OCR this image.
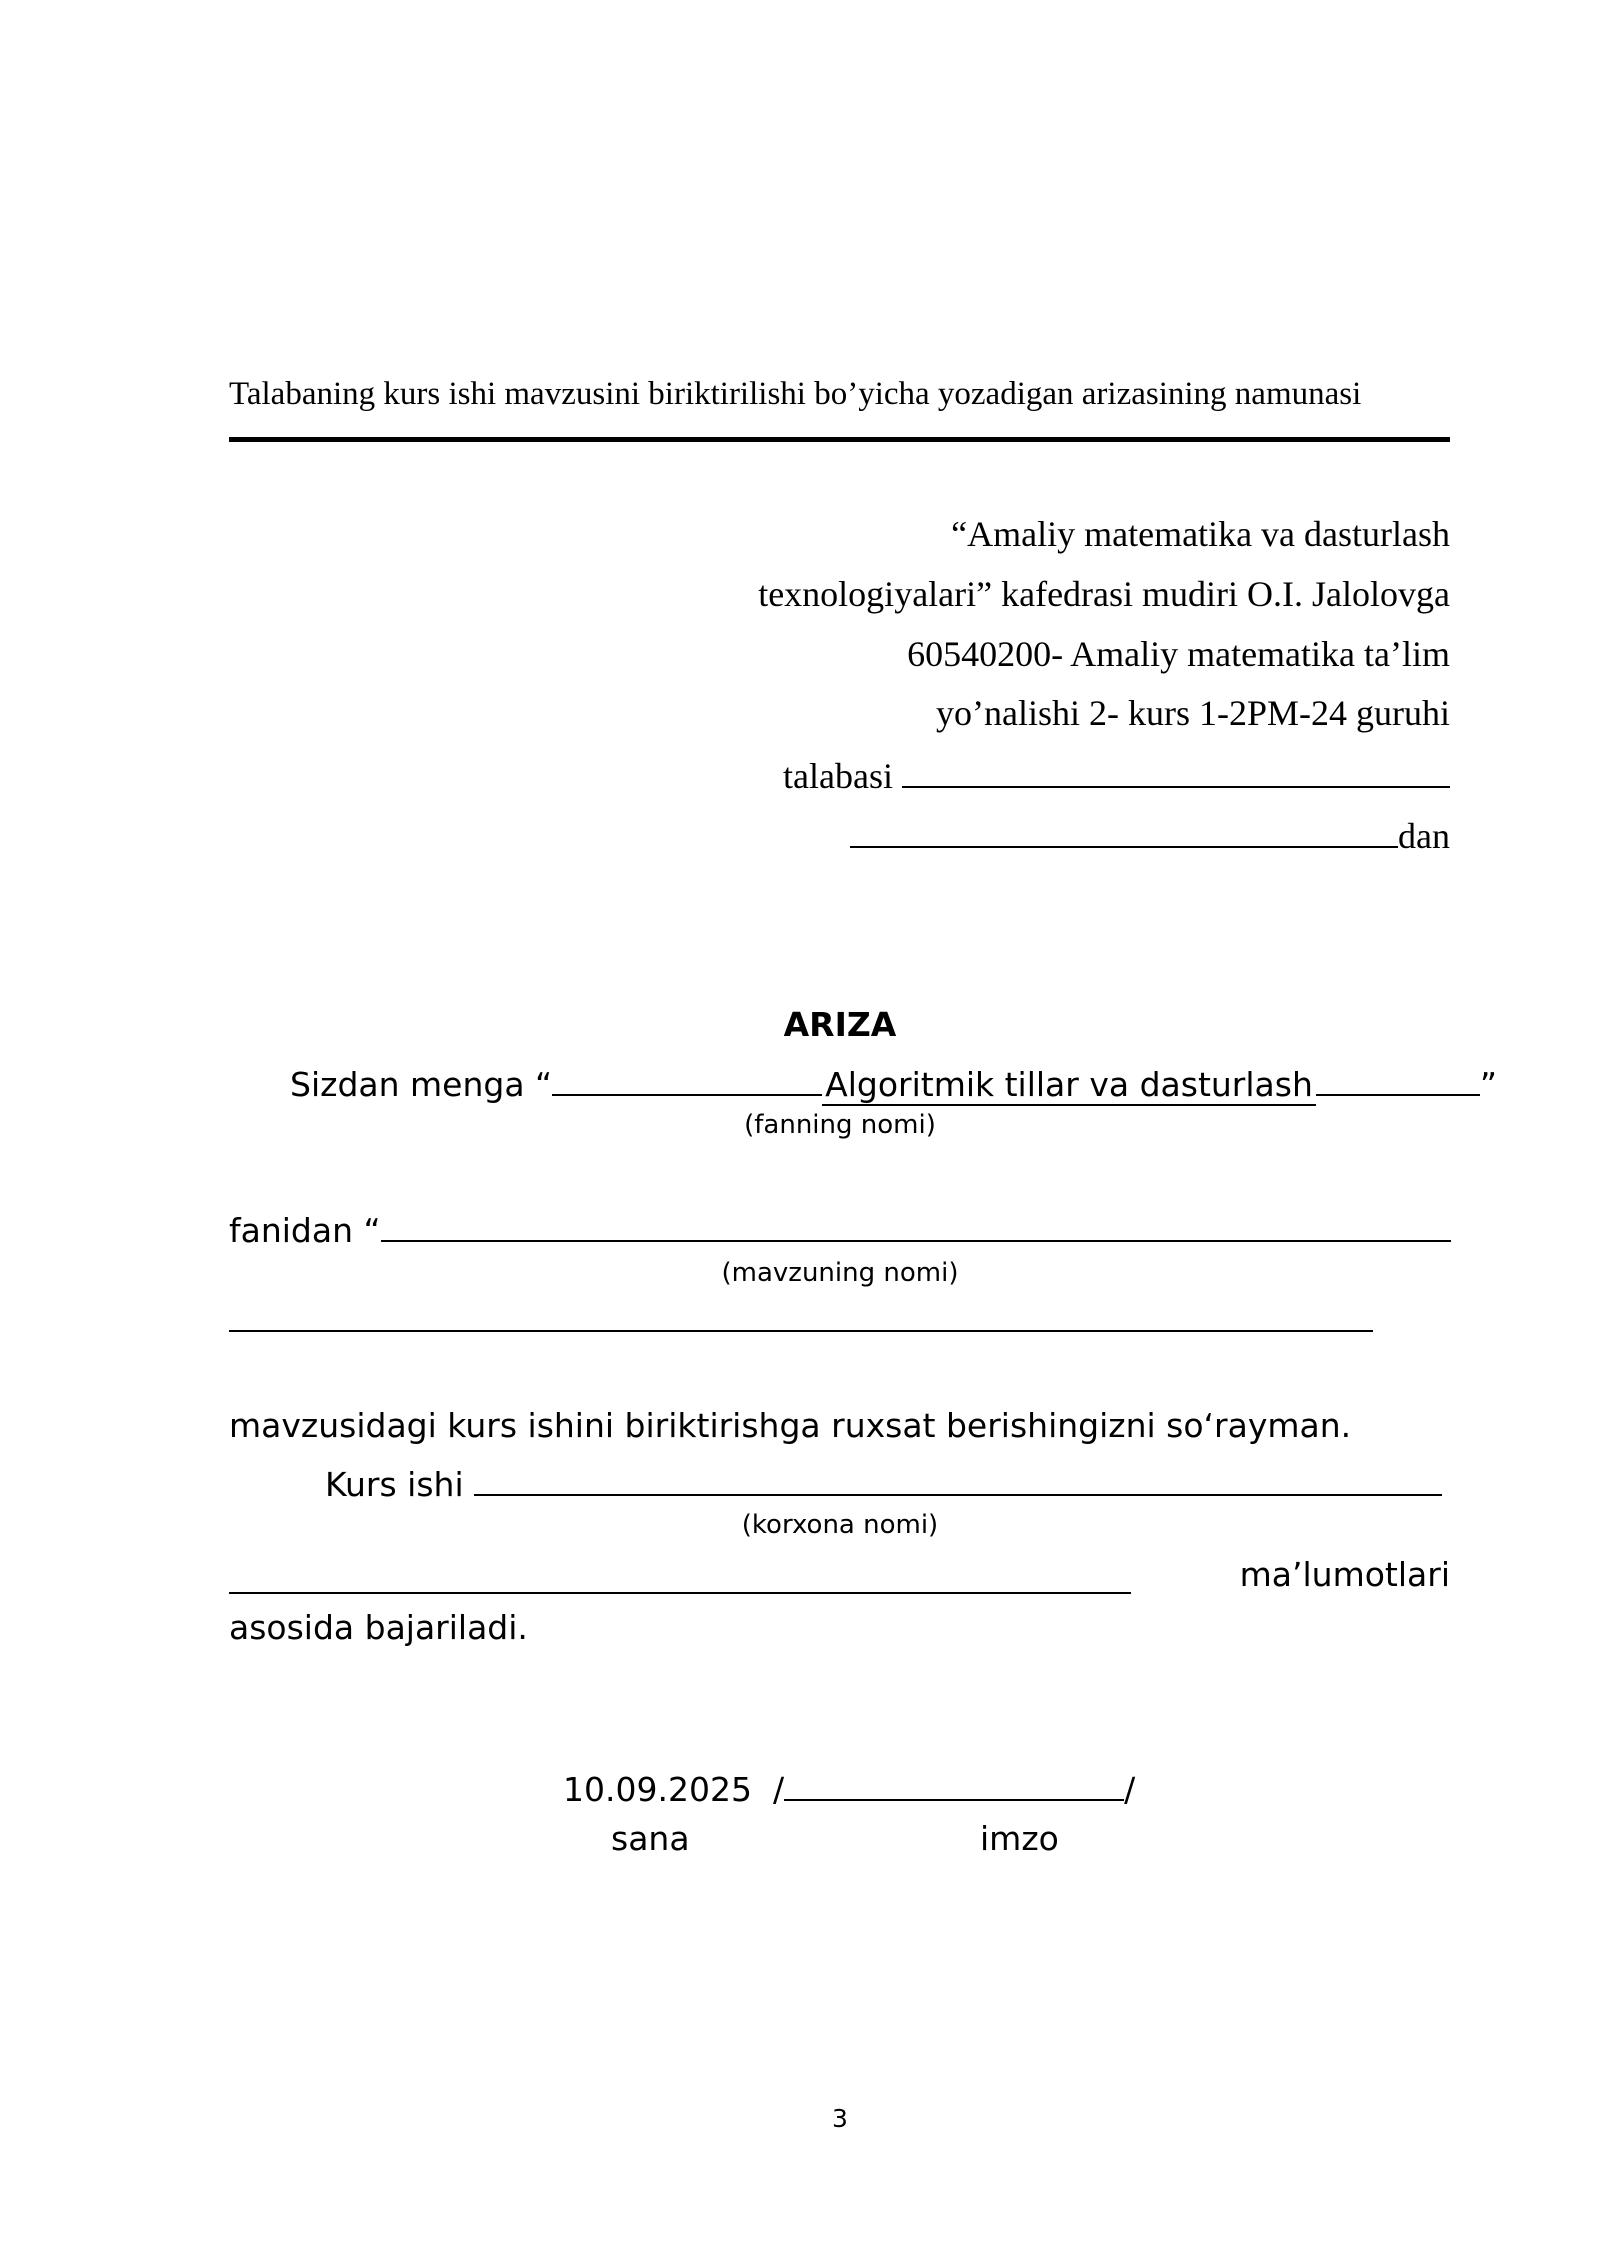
Talabaning kurs ishi mavzusini biriktirilishi bo’yicha yozadigan arizasining namunasi
“Amaliy matematika va dasturlash
texnologiyalari” kafedrasi mudiri O.I. Jalolovga
60540200- Amaliy matematika ta’lim
yo’nalishi 2- kurs 1-2PM-24 guruhi
talabasi
dan
ARIZA
Sizdan menga “	Algoritmik tillar va dasturlash	”
(fanning nomi)
fanidan “
(mavzuning nomi)
mavzusidagi kurs ishini biriktirishga ruxsat berishingizni so‘rayman.
Kurs ishi
(korxona nomi)
ma’lumotlari
asosida bajariladi.
10.09.2025 /	/
sana	imzo
3
